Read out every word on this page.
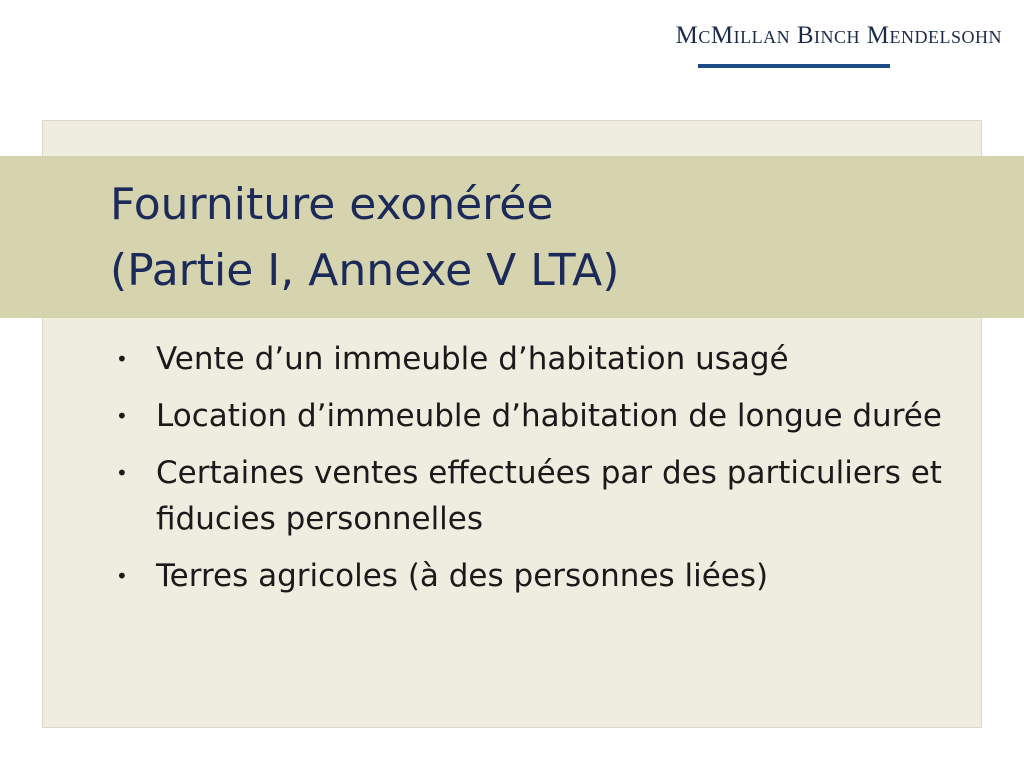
McMillan Binch Mendelsohn
Fourniture exonérée
(Partie I, Annexe V LTA)
• Vente d’un immeuble d’habitation usagé
• Location d’immeuble d’habitation de longue durée
• Certaines ventes effectuées par des particuliers et fiducies personnelles
• Terres agricoles (à des personnes liées)
